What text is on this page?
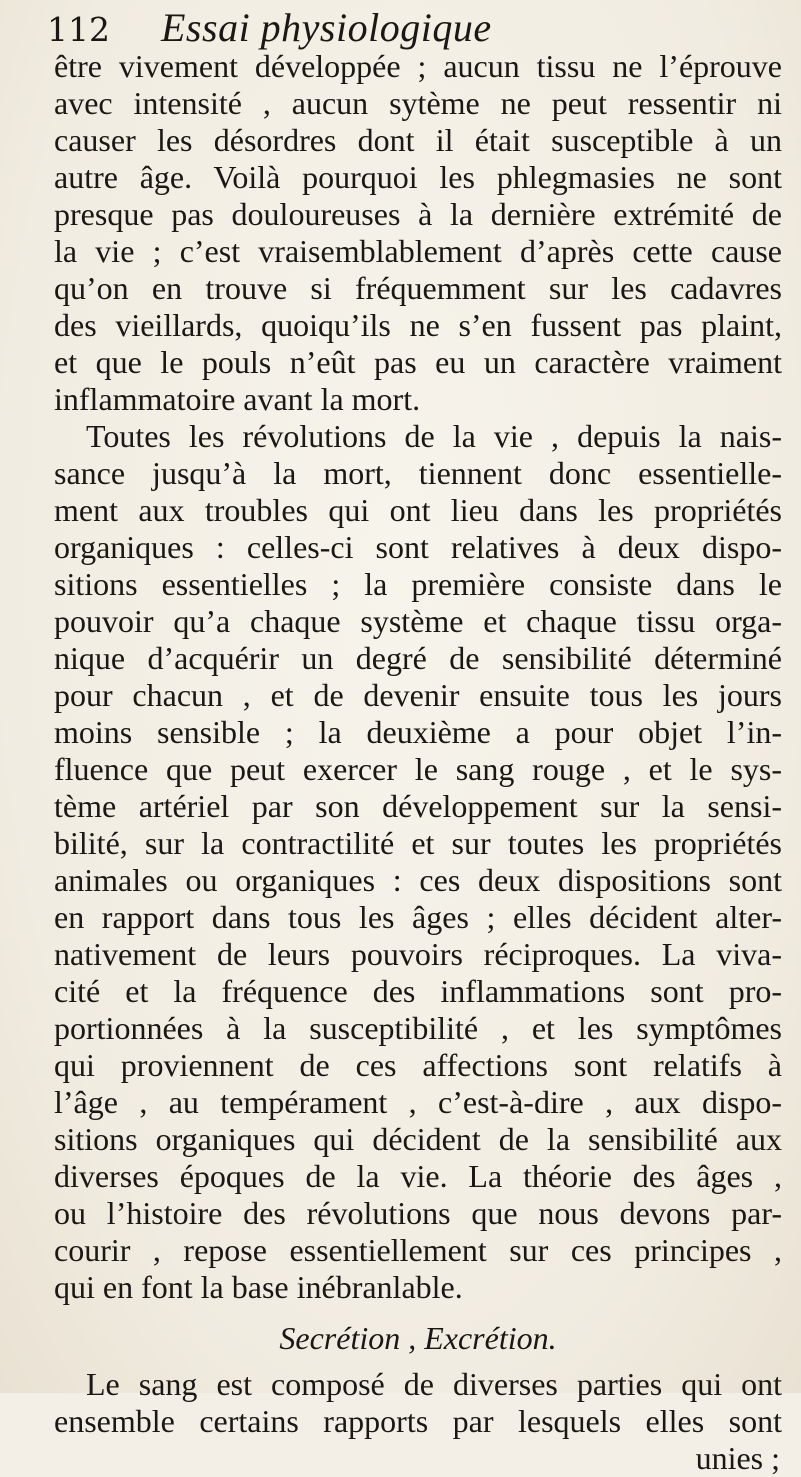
112 Essai physiologique
être vivement développée ; aucun tissu ne l’éprouve
avec intensité , aucun sytème ne peut ressentir ni
causer les désordres dont il était susceptible à un
autre âge. Voilà pourquoi les phlegmasies ne sont
presque pas douloureuses à la dernière extrémité de
la vie ; c’est vraisemblablement d’après cette cause
qu’on en trouve si fréquemment sur les cadavres
des vieillards, quoiqu’ils ne s’en fussent pas plaint,
et que le pouls n’eût pas eu un caractère vraiment
inflammatoire avant la mort.
Toutes les révolutions de la vie , depuis la nais-
sance jusqu’à la mort, tiennent donc essentielle-
ment aux troubles qui ont lieu dans les propriétés
organiques : celles-ci sont relatives à deux dispo-
sitions essentielles ; la première consiste dans le
pouvoir qu’a chaque système et chaque tissu orga-
nique d’acquérir un degré de sensibilité déterminé
pour chacun , et de devenir ensuite tous les jours
moins sensible ; la deuxième a pour objet l’in-
fluence que peut exercer le sang rouge , et le sys-
tème artériel par son développement sur la sensi-
bilité, sur la contractilité et sur toutes les propriétés
animales ou organiques : ces deux dispositions sont
en rapport dans tous les âges ; elles décident alter-
nativement de leurs pouvoirs réciproques. La viva-
cité et la fréquence des inflammations sont pro-
portionnées à la susceptibilité , et les symptômes
qui proviennent de ces affections sont relatifs à
l’âge , au tempérament , c’est-à-dire , aux dispo-
sitions organiques qui décident de la sensibilité aux
diverses époques de la vie. La théorie des âges ,
ou l’histoire des révolutions que nous devons par-
courir , repose essentiellement sur ces principes ,
qui en font la base inébranlable.
Secrétion , Excrétion.
Le sang est composé de diverses parties qui ont
ensemble certains rapports par lesquels elles sont
unies ;
